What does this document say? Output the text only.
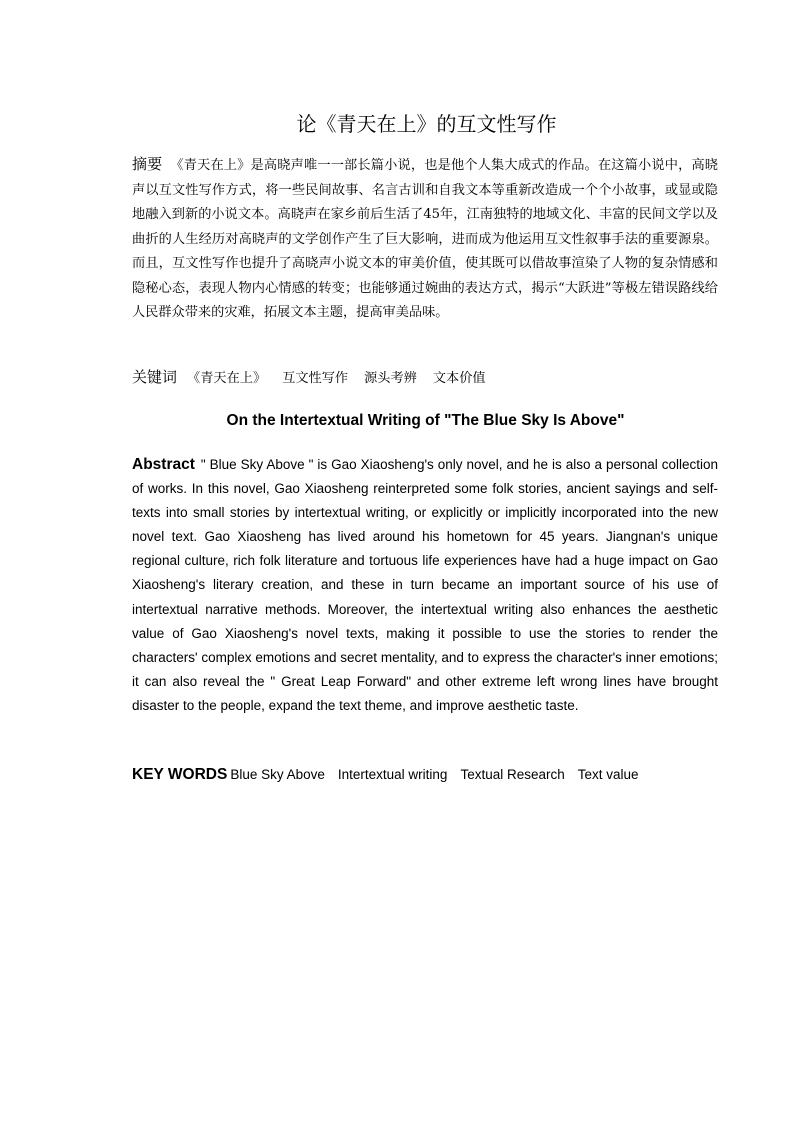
论《青天在上》的互文性写作
摘要 《青天在上》是高晓声唯一一部长篇小说，也是他个人集大成式的作品。在这篇小说中，高晓声以互文性写作方式，将一些民间故事、名言古训和自我文本等重新改造成一个个小故事，或显或隐地融入到新的小说文本。高晓声在家乡前后生活了45年，江南独特的地域文化、丰富的民间文学以及曲折的人生经历对高晓声的文学创作产生了巨大影响，进而成为他运用互文性叙事手法的重要源泉。而且，互文性写作也提升了高晓声小说文本的审美价值，使其既可以借故事渲染了人物的复杂情感和隐秘心态，表现人物内心情感的转变；也能够通过婉曲的表达方式，揭示“大跃进”等极左错误路线给人民群众带来的灾难，拓展文本主题，提高审美品味。
关键词 《青天在上》 互文性写作 源头考辨 文本价值
On the Intertextual Writing of "The Blue Sky Is Above"
Abstract " Blue Sky Above " is Gao Xiaosheng's only novel, and he is also a personal collection of works. In this novel, Gao Xiaosheng reinterpreted some folk stories, ancient sayings and self-texts into small stories by intertextual writing, or explicitly or implicitly incorporated into the new novel text. Gao Xiaosheng has lived around his hometown for 45 years. Jiangnan's unique regional culture, rich folk literature and tortuous life experiences have had a huge impact on Gao Xiaosheng's literary creation, and these in turn became an important source of his use of intertextual narrative methods. Moreover, the intertextual writing also enhances the aesthetic value of Gao Xiaosheng's novel texts, making it possible to use the stories to render the characters' complex emotions and secret mentality, and to express the character's inner emotions; it can also reveal the " Great Leap Forward" and other extreme left wrong lines have brought disaster to the people, expand the text theme, and improve aesthetic taste.
KEY WORDS Blue Sky Above Intertextual writing Textual Research Text value
